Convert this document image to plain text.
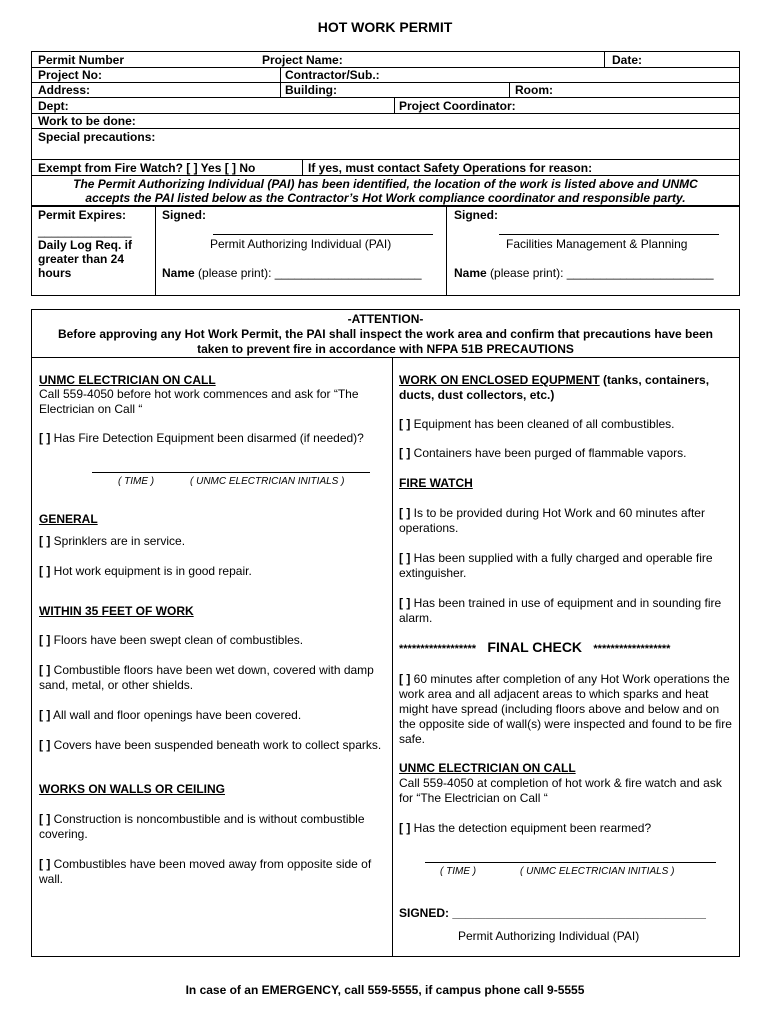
HOT WORK PERMIT
Permit Number	Project Name:	Date:
Project No:	Contractor/Sub.:
Address:	Building:	Room:
Dept:	Project Coordinator:
Work to be done:
Special precautions:
Exempt from Fire Watch? [ ] Yes [ ] No	If yes, must contact Safety Operations for reason:
The Permit Authorizing Individual (PAI) has been identified, the location of the work is listed above and UNMC
accepts the PAI listed below as the Contractor’s Hot Work compliance coordinator and responsible party.
Permit Expires:
______________
Daily Log Req. if
greater than 24
hours
Signed:
Permit Authorizing Individual (PAI)
Name (please print): ______________________
Signed:
Facilities Management & Planning
Name (please print): ______________________
-ATTENTION-
Before approving any Hot Work Permit, the PAI shall inspect the work area and confirm that precautions have been
taken to prevent fire in accordance with NFPA 51B PRECAUTIONS
UNMC ELECTRICIAN ON CALL
Call 559-4050 before hot work commences and ask for “The Electrician on Call “
[ ] Has Fire Detection Equipment been disarmed (if needed)?
( TIME )	( UNMC ELECTRICIAN INITIALS )
GENERAL
[ ] Sprinklers are in service.
[ ] Hot work equipment is in good repair.
WITHIN 35 FEET OF WORK
[ ] Floors have been swept clean of combustibles.
[ ] Combustible floors have been wet down, covered with damp sand, metal, or other shields.
[ ] All wall and floor openings have been covered.
[ ] Covers have been suspended beneath work to collect sparks.
WORKS ON WALLS OR CEILING
[ ] Construction is noncombustible and is without combustible covering.
[ ] Combustibles have been moved away from opposite side of wall.
WORK ON ENCLOSED EQUPMENT (tanks, containers, ducts, dust collectors, etc.)
[ ] Equipment has been cleaned of all combustibles.
[ ] Containers have been purged of flammable vapors.
FIRE WATCH
[ ] Is to be provided during Hot Work and 60 minutes after operations.
[ ] Has been supplied with a fully charged and operable fire extinguisher.
[ ] Has been trained in use of equipment and in sounding fire alarm.
****************** FINAL CHECK ******************
[ ] 60 minutes after completion of any Hot Work operations the work area and all adjacent areas to which sparks and heat might have spread (including floors above and below and on the opposite side of wall(s) were inspected and found to be fire safe.
UNMC ELECTRICIAN ON CALL
Call 559-4050 at completion of hot work & fire watch and ask for “The Electrician on Call “
[ ] Has the detection equipment been rearmed?
( TIME )	( UNMC ELECTRICIAN INITIALS )
SIGNED: ______________________________________
Permit Authorizing Individual (PAI)
In case of an EMERGENCY, call 559-5555, if campus phone call 9-5555
